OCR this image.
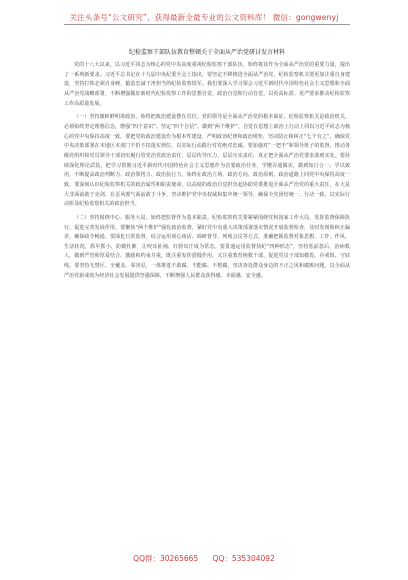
关注头条号“公文研究”，获得最新全最专业的公文资料库！ 微信：gongwenyj
纪检监察干部队伍教育整顿关于全面从严治党研讨发言材料

党的十八大以来，以习近平同志为核心的党中央高度重视纪检监察干部队伍，始终将其作为全面从严治党的重要力量，提出了一系列新要求。习近平总书记在十九届中央纪委全会上指出，要坚定不移推进全面从严治党，纪检监察机关要更加注重自身建设，坚持打铁必须自身硬，锻造忠诚干净担当的纪检监察铁军。我们要深入学习领会习近平新时代中国特色社会主义思想和全面从严治党战略部署，不断增强做好新时代纪检监察工作的思想自觉、政治自觉和行动自觉，以更高标准、更严要求推动纪检监察工作高质量发展。

（一）坚持旗帜鲜明讲政治，始终把政治建设摆在首位。党的领导是全面从严治党的根本保证。纪检监察机关是政治机关，必须始终坚定理想信念，增强“四个意识”、坚定“四个自信”、做到“两个维护”，自觉在思想上政治上行动上同以习近平同志为核心的党中央保持高度一致。要把党的政治建设作为根本性建设，严明政治纪律和政治规矩，坚决防止和纠正“七个有之”，确保党中央决策部署在本地区本部门不折不扣落实到位，以实际行动践行对党绝对忠诚。要加强对“一把手”和领导班子的监督，推动各级党组织和党员领导干部切实履行管党治党政治责任，层层传导压力、层层压实责任，真正把全面从严治党要求落到实处。要持续深化理论武装，把学习贯彻习近平新时代中国特色社会主义思想作为首要政治任务，学懂弄通做实，做到知行合一、学以致用，不断提高政治判断力、政治领悟力、政治执行力，始终在政治立场、政治方向、政治原则、政治道路上同党中央保持高度一致。要深刻认识纪检监察机关的政治属性和职责使命，以高度的政治自觉担负起协助党委推进全面从严治党的重大责任，在大是大非面前敢于亮剑、在歪风邪气面前敢于斗争，坚决维护党中央权威和集中统一领导，确保全党团结统一、行动一致，以实际行动彰显纪检监察机关的政治担当。

（二）坚持围绕中心、服务大局，始终把监督作为基本职责。纪检监察机关要紧紧围绕党和国家工作大局，发挥监督保障执行、促进完善发展作用。要聚焦“两个维护”强化政治监督，紧盯党中央重大决策部署落实情况开展监督检查，及时发现和纠正偏差，确保政令畅通。要深化日常监督，综合运用谈心谈话、调研督导、列席会议等方式，准确把握监督对象思想、工作、作风、生活状况，抓早抓小、防微杜渐，让咬耳扯袖、红脸出汗成为常态。要贯通运用监督执纪“四种形态”，坚持惩前毖后、治病救人，做到严管和厚爱结合、激励和约束并重，既注重发挥震慑作用，又注重教育挽救干部，促进党员干部知敬畏、存戒惧、守底线。要坚持无禁区、全覆盖、零容忍，一体推进不敢腐、不能腐、不想腐，坚决查处群众身边的不正之风和腐败问题，以全面从严治党新成效为经济社会发展提供坚强保障，不断增强人民群众获得感、幸福感、安全感。

QQ群：30265665 QQ：535304092
